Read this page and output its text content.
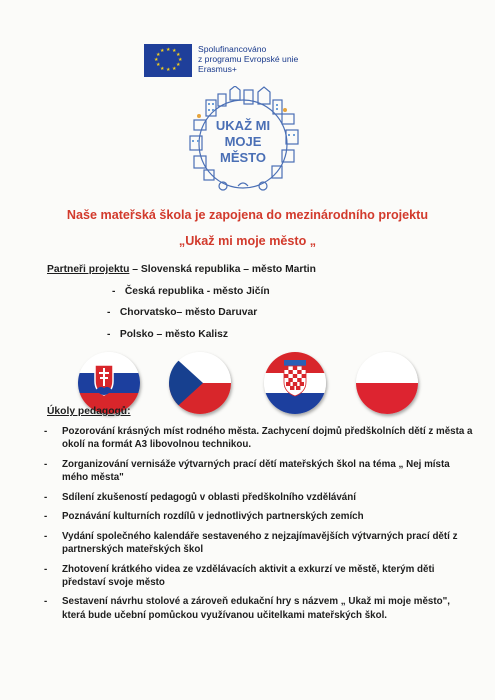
★ ★
★
★
★
★
★
★
★
★
★
★	Spolufinancováno
z programu Evropské unie
Erasmus+
UKAŽ MI
MOJE
MĚSTO
Naše mateřská škola je zapojena do mezinárodního projektu
„Ukaž mi moje město „
Partneři projektu – Slovenská republika – město Martin
- Česká republika - město Jičín
- Chorvatsko– město Daruvar
- Polsko – město Kalisz
Úkoly pedagogů:
-	Pozorování krásných míst rodného města. Zachycení dojmů předškolních dětí z města a okolí na formát A3 libovolnou technikou.
-	Zorganizování vernisáže výtvarných prací dětí mateřských škol na téma „ Nej místa mého města"
-	Sdílení zkušeností pedagogů v oblasti předškolního vzdělávání
-	Poznávání kulturních rozdílů v jednotlivých partnerských zemích
-	Vydání společného kalendáře sestaveného z nejzajímavějších výtvarných prací dětí z partnerských mateřských škol
-	Zhotovení krátkého videa ze vzdělávacích aktivit a exkurzí ve městě, kterým děti představí svoje město
-	Sestavení návrhu stolové a zároveň edukační hry s názvem „ Ukaž mi moje město", která bude učební pomůckou využívanou učitelkami mateřských škol.
